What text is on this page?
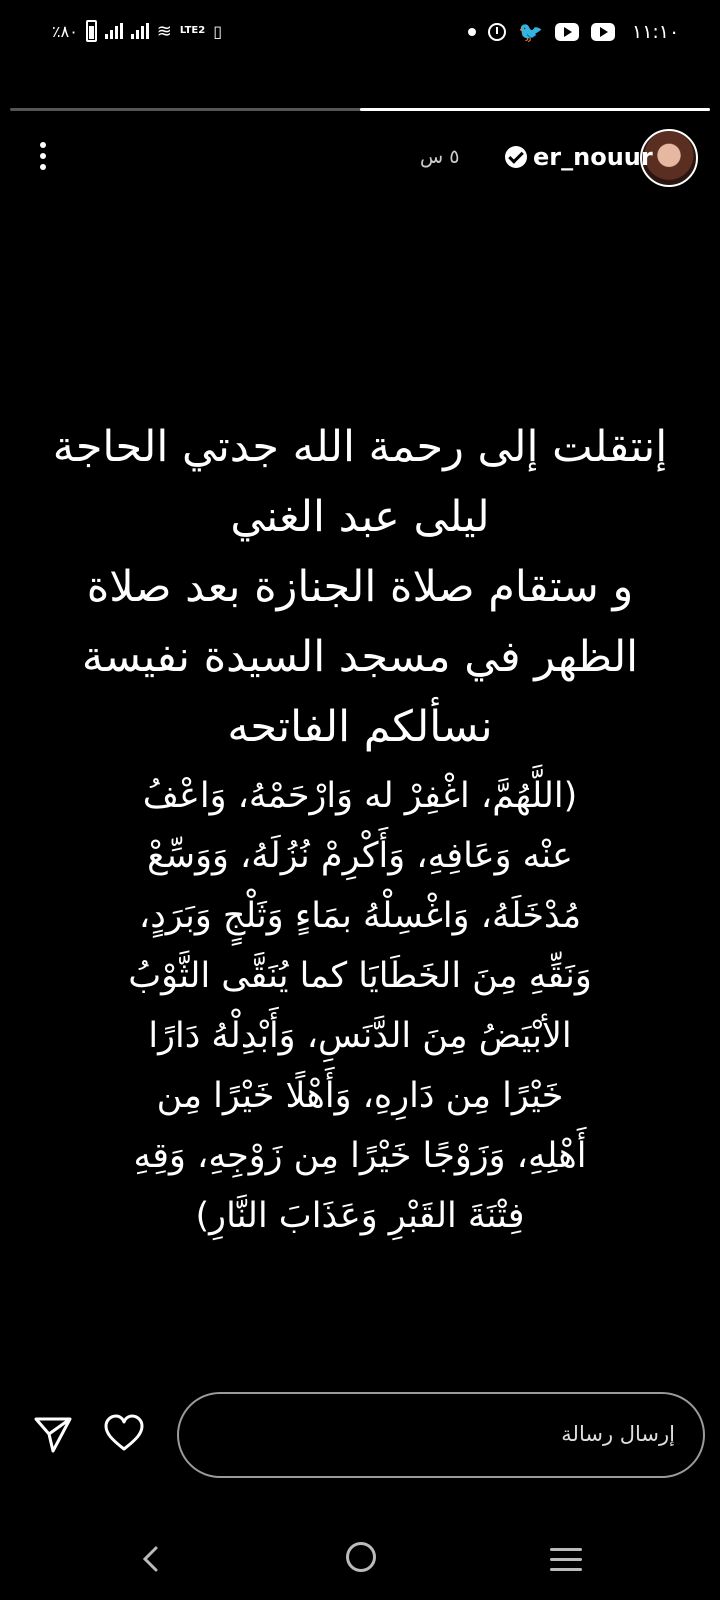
٪٨٠	≋ LTE2 ▯	🐦	١١:١٠
er_nouur
٥ س
إنتقلت إلى رحمة الله جدتي الحاجة
ليلى عبد الغني
و ستقام صلاة الجنازة بعد صلاة
الظهر في مسجد السيدة نفيسة
نسألكم الفاتحه
(اللَّهُمَّ، اغْفِرْ له وَارْحَمْهُ، وَاعْفُ
عنْه وَعَافِهِ، وَأَكْرِمْ نُزُلَهُ، وَوَسِّعْ
مُدْخَلَهُ، وَاغْسِلْهُ بمَاءٍ وَثَلْجٍ وَبَرَدٍ،
وَنَقِّهِ مِنَ الخَطَايَا كما يُنَقَّى الثَّوْبُ
الأبْيَضُ مِنَ الدَّنَسِ، وَأَبْدِلْهُ دَارًا
خَيْرًا مِن دَارِهِ، وَأَهْلًا خَيْرًا مِن
أَهْلِهِ، وَزَوْجًا خَيْرًا مِن زَوْجِهِ، وَقِهِ
فِتْنَةَ القَبْرِ وَعَذَابَ النَّارِ)
إرسال رسالة
